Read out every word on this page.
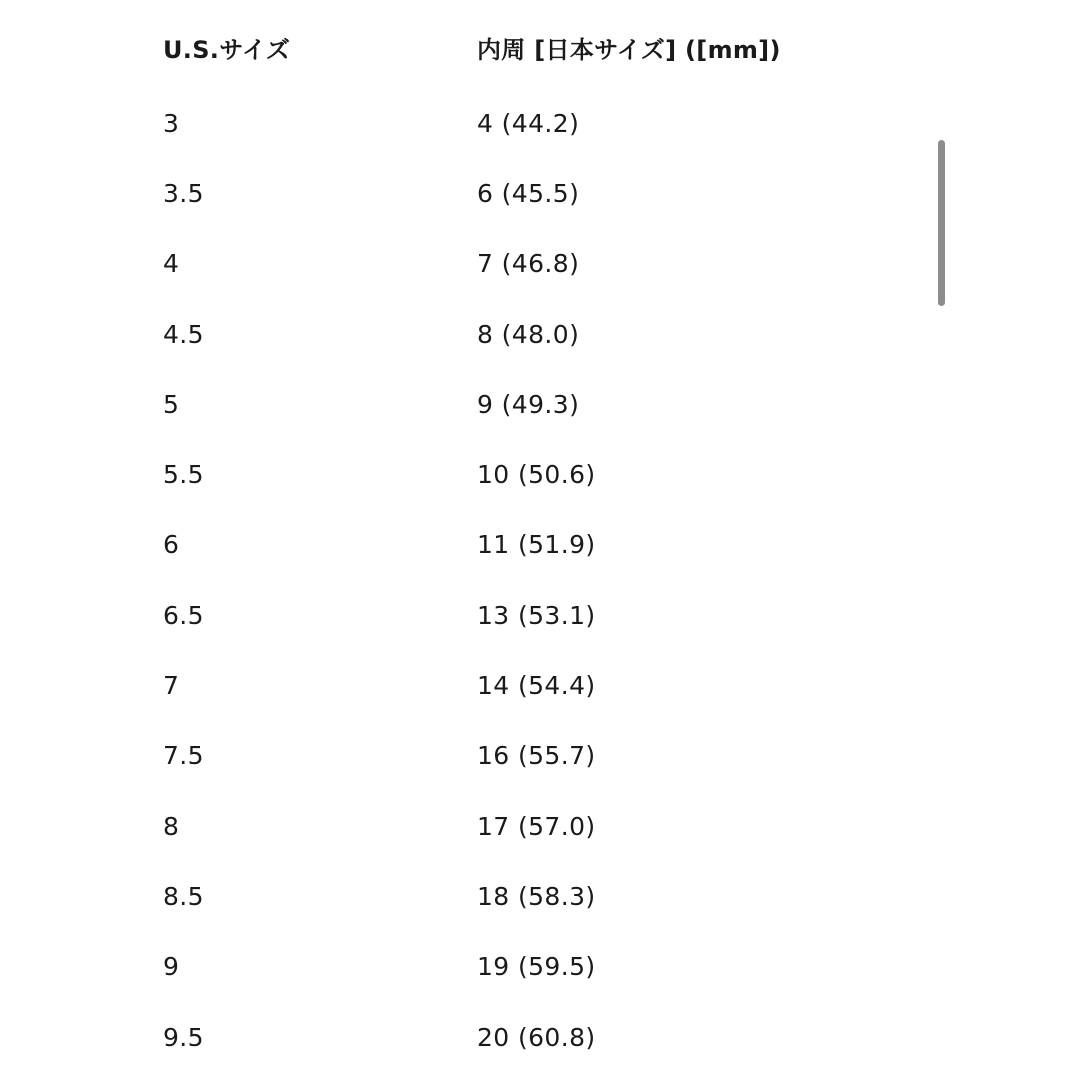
U.S.サイズ	内周 [日本サイズ] ([mm])
3	4 (44.2)
3.5	6 (45.5)
4	7 (46.8)
4.5	8 (48.0)
5	9 (49.3)
5.5	10 (50.6)
6	11 (51.9)
6.5	13 (53.1)
7	14 (54.4)
7.5	16 (55.7)
8	17 (57.0)
8.5	18 (58.3)
9	19 (59.5)
9.5	20 (60.8)
